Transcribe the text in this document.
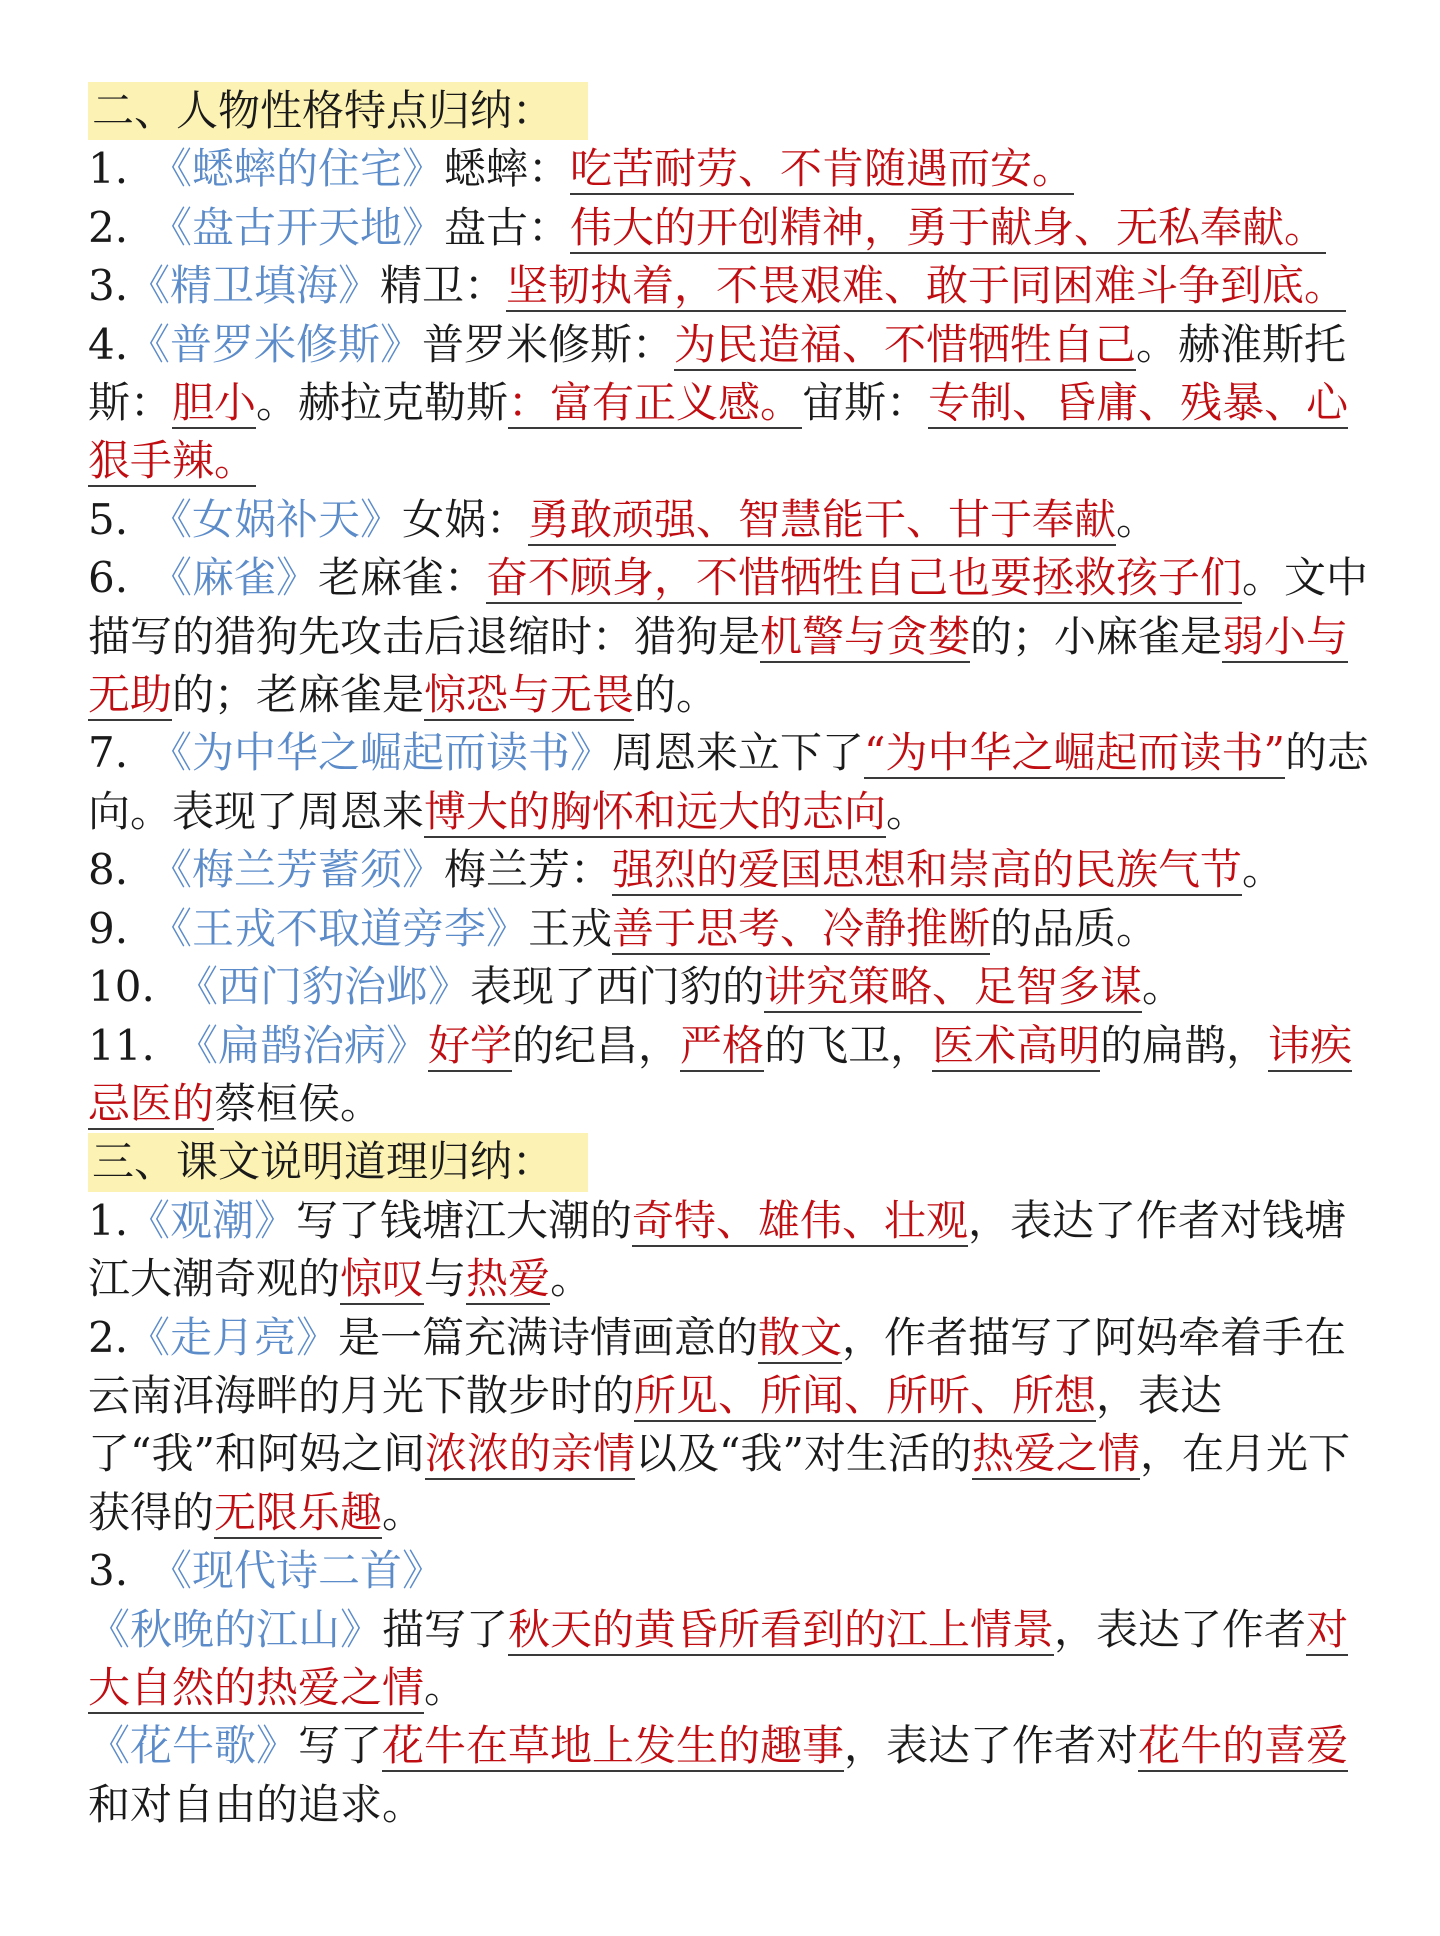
二、人物性格特点归纳：

1. 《蟋蟀的住宅》蟋蟀：吃苦耐劳、不肯随遇而安。

2. 《盘古开天地》盘古：伟大的开创精神，勇于献身、无私奉献。

3.《精卫填海》精卫：坚韧执着，不畏艰难、敢于同困难斗争到底。

4.《普罗米修斯》普罗米修斯：为民造福、不惜牺牲自己。赫淮斯托斯：胆小。赫拉克勒斯：富有正义感。宙斯：专制、昏庸、残暴、心狠手辣。

5. 《女娲补天》女娲：勇敢顽强、智慧能干、甘于奉献。

6. 《麻雀》老麻雀：奋不顾身，不惜牺牲自己也要拯救孩子们。文中描写的猎狗先攻击后退缩时：猎狗是机警与贪婪的；小麻雀是弱小与无助的；老麻雀是惊恐与无畏的。

7. 《为中华之崛起而读书》周恩来立下了“为中华之崛起而读书”的志向。表现了周恩来博大的胸怀和远大的志向。

8. 《梅兰芳蓄须》梅兰芳：强烈的爱国思想和崇高的民族气节。

9. 《王戎不取道旁李》王戎善于思考、冷静推断的品质。

10. 《西门豹治邺》表现了西门豹的讲究策略、足智多谋。

11. 《扁鹊治病》好学的纪昌，严格的飞卫，医术高明的扁鹊，讳疾忌医的蔡桓侯。

三、课文说明道理归纳：

1.《观潮》写了钱塘江大潮的奇特、雄伟、壮观，表达了作者对钱塘江大潮奇观的惊叹与热爱。

2.《走月亮》是一篇充满诗情画意的散文，作者描写了阿妈牵着手在云南洱海畔的月光下散步时的所见、所闻、所听、所想，表达了“我”和阿妈之间浓浓的亲情以及“我”对生活的热爱之情，在月光下获得的无限乐趣。

3. 《现代诗二首》

《秋晚的江山》描写了秋天的黄昏所看到的江上情景，表达了作者对大自然的热爱之情。

《花牛歌》写了花牛在草地上发生的趣事，表达了作者对花牛的喜爱和对自由的追求。
